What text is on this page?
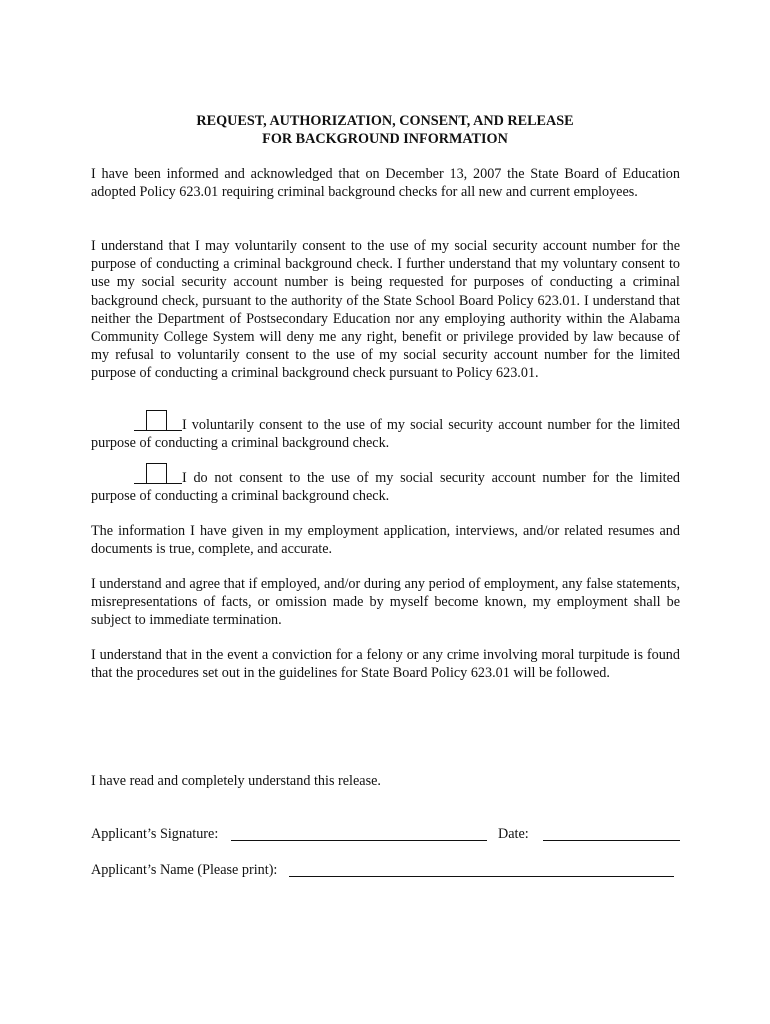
REQUEST, AUTHORIZATION, CONSENT, AND RELEASE
FOR BACKGROUND INFORMATION
I have been informed and acknowledged that on December 13, 2007 the State Board of Education adopted Policy 623.01 requiring criminal background checks for all new and current employees.
I understand that I may voluntarily consent to the use of my social security account number for the purpose of conducting a criminal background check. I further understand that my voluntary consent to use my social security account number is being requested for purposes of conducting a criminal background check, pursuant to the authority of the State School Board Policy 623.01. I understand that neither the Department of Postsecondary Education nor any employing authority within the Alabama Community College System will deny me any right, benefit or privilege provided by law because of my refusal to voluntarily consent to the use of my social security account number for the limited purpose of conducting a criminal background check pursuant to Policy 623.01.
I voluntarily consent to the use of my social security account number for the limited purpose of conducting a criminal background check.
I do not consent to the use of my social security account number for the limited purpose of conducting a criminal background check.
The information I have given in my employment application, interviews, and/or related resumes and documents is true, complete, and accurate.
I understand and agree that if employed, and/or during any period of employment, any false statements, misrepresentations of facts, or omission made by myself become known, my employment shall be subject to immediate termination.
I understand that in the event a conviction for a felony or any crime involving moral turpitude is found that the procedures set out in the guidelines for State Board Policy 623.01 will be followed.
I have read and completely understand this release.
Applicant’s Signature:	Date:
Applicant’s Name (Please print):
